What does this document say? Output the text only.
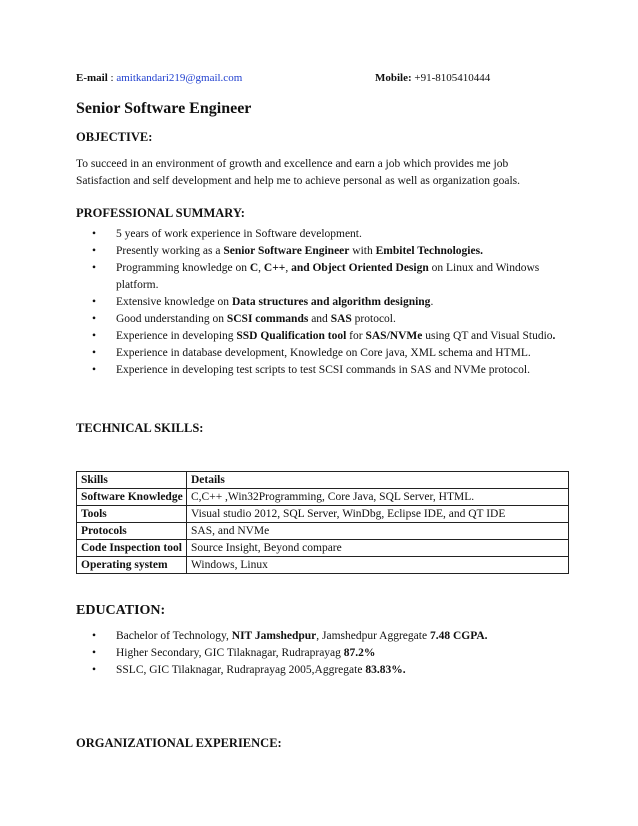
E-mail : amitkandari219@gmail.com	Mobile: +91-8105410444
Senior Software Engineer
OBJECTIVE:

To succeed in an environment of growth and excellence and earn a job which provides me job
Satisfaction and self development and help me to achieve personal as well as organization goals.

PROFESSIONAL SUMMARY:
• 5 years of work experience in Software development.
• Presently working as a Senior Software Engineer with Embitel Technologies.
• Programming knowledge on C, C++, and Object Oriented Design on Linux and Windows
platform.
• Extensive knowledge on Data structures and algorithm designing.
• Good understanding on SCSI commands and SAS protocol.
• Experience in developing SSD Qualification tool for SAS/NVMe using QT and Visual Studio.
• Experience in database development, Knowledge on Core java, XML schema and HTML.
• Experience in developing test scripts to test SCSI commands in SAS and NVMe protocol.
TECHNICAL SKILLS:
Skills	Details
Software Knowledge	C,C++ ,Win32Programming, Core Java, SQL Server, HTML.
Tools	Visual studio 2012, SQL Server, WinDbg, Eclipse IDE, and QT IDE
Protocols	SAS, and NVMe
Code Inspection tool	Source Insight, Beyond compare
Operating system	Windows, Linux
EDUCATION:
• Bachelor of Technology, NIT Jamshedpur, Jamshedpur Aggregate 7.48 CGPA.
• Higher Secondary, GIC Tilaknagar, Rudraprayag 87.2%
• SSLC, GIC Tilaknagar, Rudraprayag 2005,Aggregate 83.83%.
ORGANIZATIONAL EXPERIENCE:
